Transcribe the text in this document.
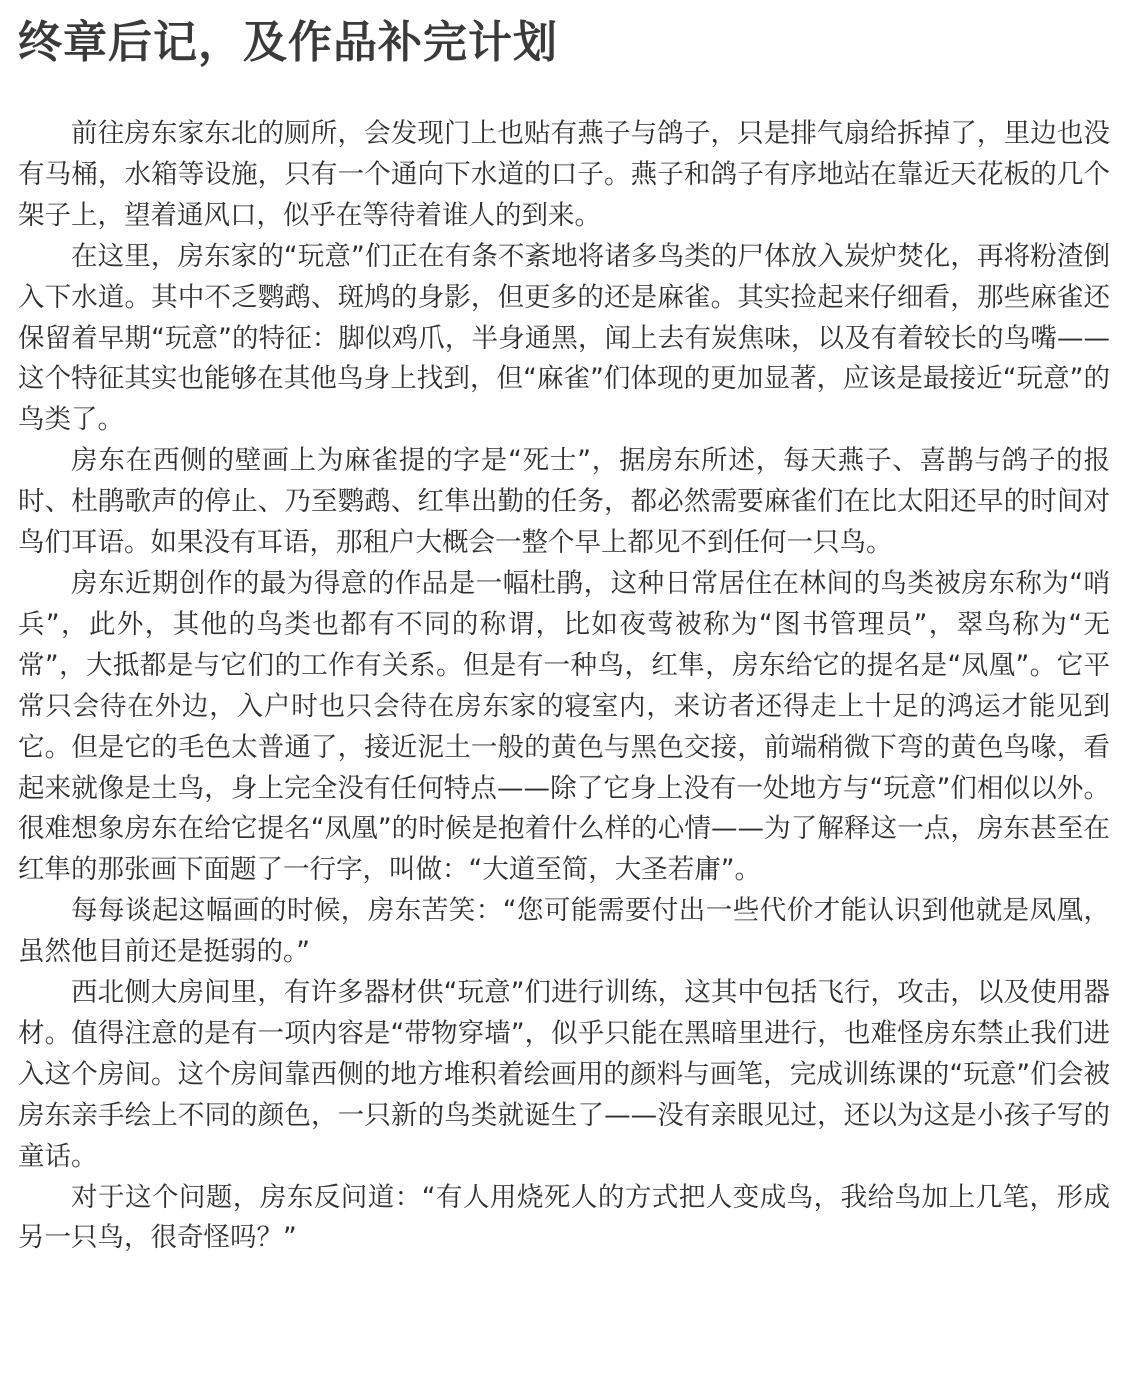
终章后记，及作品补完计划

前往房东家东北的厕所，会发现门上也贴有燕子与鸽子，只是排气扇给拆掉了，里边也没有马桶，水箱等设施，只有一个通向下水道的口子。燕子和鸽子有序地站在靠近天花板的几个架子上，望着通风口，似乎在等待着谁人的到来。

在这里，房东家的“玩意”们正在有条不紊地将诸多鸟类的尸体放入炭炉焚化，再将粉渣倒入下水道。其中不乏鹦鹉、斑鸠的身影，但更多的还是麻雀。其实捡起来仔细看，那些麻雀还保留着早期“玩意”的特征：脚似鸡爪，半身通黑，闻上去有炭焦味，以及有着较长的鸟嘴——这个特征其实也能够在其他鸟身上找到，但“麻雀”们体现的更加显著，应该是最接近“玩意”的鸟类了。

房东在西侧的壁画上为麻雀提的字是“死士”，据房东所述，每天燕子、喜鹊与鸽子的报时、杜鹃歌声的停止、乃至鹦鹉、红隼出勤的任务，都必然需要麻雀们在比太阳还早的时间对鸟们耳语。如果没有耳语，那租户大概会一整个早上都见不到任何一只鸟。

房东近期创作的最为得意的作品是一幅杜鹃，这种日常居住在林间的鸟类被房东称为“哨兵”，此外，其他的鸟类也都有不同的称谓，比如夜莺被称为“图书管理员”，翠鸟称为“无常”，大抵都是与它们的工作有关系。但是有一种鸟，红隼，房东给它的提名是“凤凰”。它平常只会待在外边，入户时也只会待在房东家的寝室内，来访者还得走上十足的鸿运才能见到它。但是它的毛色太普通了，接近泥土一般的黄色与黑色交接，前端稍微下弯的黄色鸟喙，看起来就像是土鸟，身上完全没有任何特点——除了它身上没有一处地方与“玩意”们相似以外。很难想象房东在给它提名“凤凰”的时候是抱着什么样的心情——为了解释这一点，房东甚至在红隼的那张画下面题了一行字，叫做：“大道至简，大圣若庸”。

每每谈起这幅画的时候，房东苦笑：“您可能需要付出一些代价才能认识到他就是凤凰，虽然他目前还是挺弱的。”

西北侧大房间里，有许多器材供“玩意”们进行训练，这其中包括飞行，攻击，以及使用器材。值得注意的是有一项内容是“带物穿墙”，似乎只能在黑暗里进行，也难怪房东禁止我们进入这个房间。这个房间靠西侧的地方堆积着绘画用的颜料与画笔，完成训练课的“玩意”们会被房东亲手绘上不同的颜色，一只新的鸟类就诞生了——没有亲眼见过，还以为这是小孩子写的童话。

对于这个问题，房东反问道：“有人用烧死人的方式把人变成鸟，我给鸟加上几笔，形成另一只鸟，很奇怪吗？”
